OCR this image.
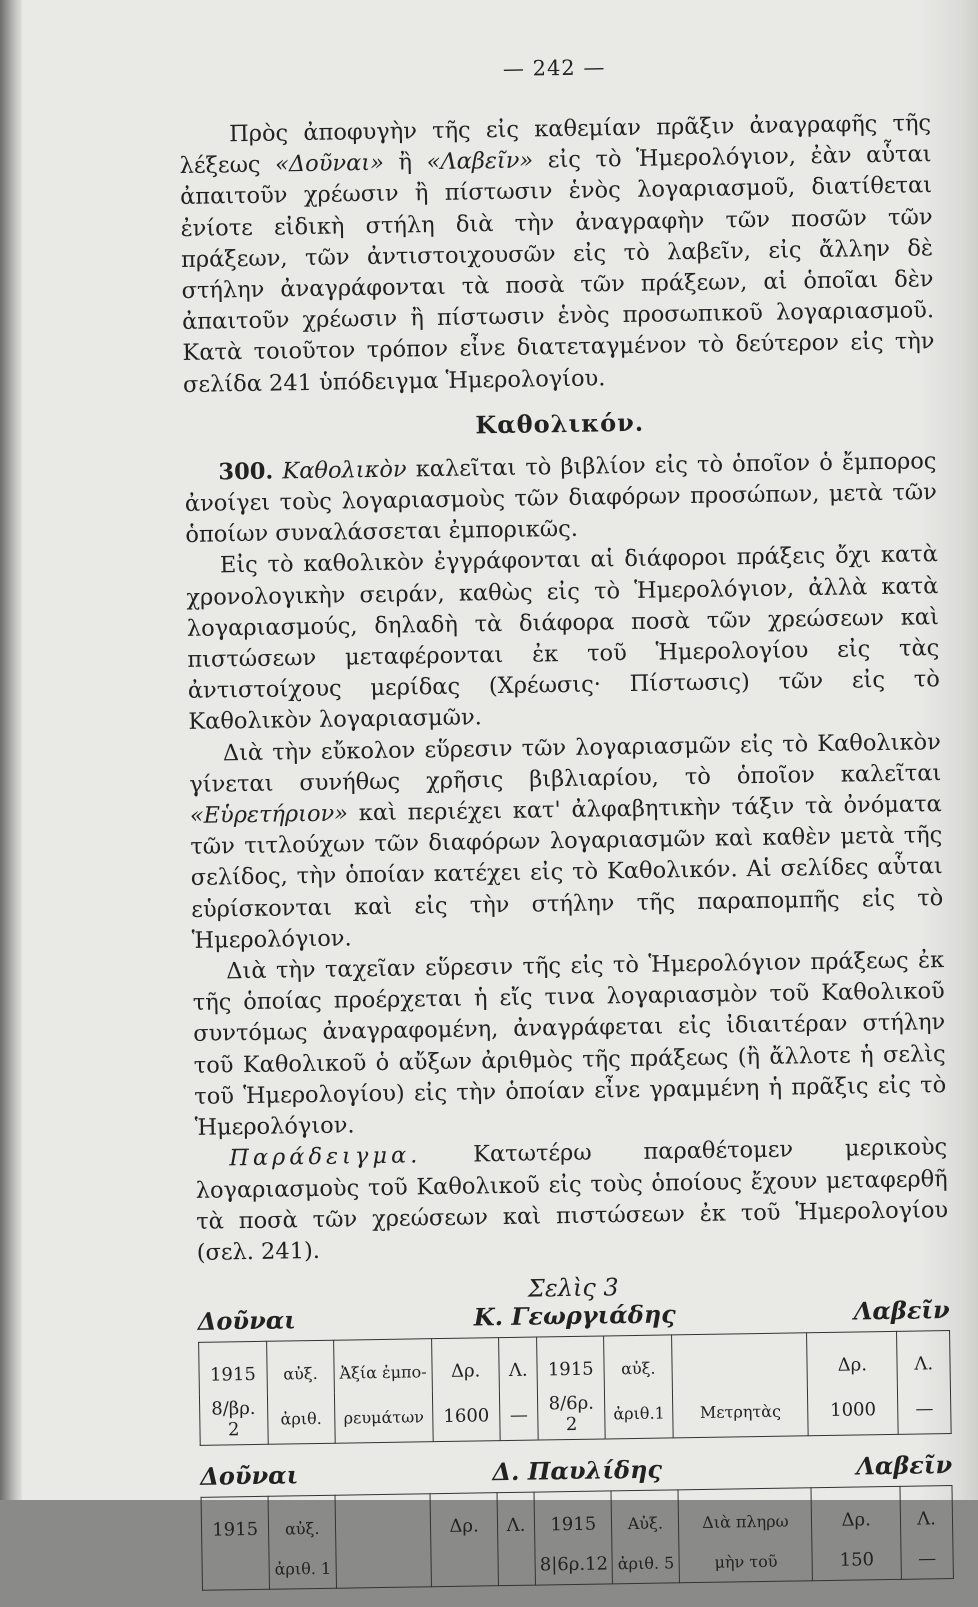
— 242 —

Πρὸς ἀποφυγὴν τῆς εἰς καθεμίαν πρᾶξιν ἀναγραφῆς τῆς λέξεως «Δοῦναι» ἢ «Λαβεῖν» εἰς τὸ Ἡμερολόγιον, ἐὰν αὗται ἀπαιτοῦν χρέωσιν ἢ πίστωσιν ἑνὸς λογαριασμοῦ, διατίθεται ἐνίοτε εἰδικὴ στήλη διὰ τὴν ἀναγραφὴν τῶν ποσῶν τῶν πράξεων, τῶν ἀντιστοιχουσῶν εἰς τὸ λαβεῖν, εἰς ἄλλην δὲ στήλην ἀναγράφονται τὰ ποσὰ τῶν πράξεων, αἱ ὁποῖαι δὲν ἀπαιτοῦν χρέωσιν ἢ πίστωσιν ἑνὸς προσωπικοῦ λογαριασμοῦ. Κατὰ τοιοῦτον τρόπον εἶνε διατεταγμένον τὸ δεύτερον εἰς τὴν σελίδα 241 ὑπόδειγμα Ἡμερολογίου.

Καθολικόν.

300. Καθολικὸν καλεῖται τὸ βιβλίον εἰς τὸ ὁποῖον ὁ ἔμπορος ἀνοίγει τοὺς λογαριασμοὺς τῶν διαφόρων προσώπων, μετὰ τῶν ὁποίων συναλάσσεται ἐμπορικῶς.

Εἰς τὸ καθολικὸν ἐγγράφονται αἱ διάφοροι πράξεις ὄχι κατὰ χρονολογικὴν σειράν, καθὼς εἰς τὸ Ἡμερολόγιον, ἀλλὰ κατὰ λογαριασμούς, δηλαδὴ τὰ διάφορα ποσὰ τῶν χρεώσεων καὶ πιστώσεων μεταφέρονται ἐκ τοῦ Ἡμερολογίου εἰς τὰς ἀντιστοίχους μερίδας (Χρέωσις· Πίστωσις) τῶν εἰς τὸ Καθολικὸν λογαριασμῶν.

Διὰ τὴν εὔκολον εὕρεσιν τῶν λογαριασμῶν εἰς τὸ Καθολικὸν γίνεται συνήθως χρῆσις βιβλιαρίου, τὸ ὁποῖον καλεῖται «Εὑρετήριον» καὶ περιέχει κατ' ἀλφαβητικὴν τάξιν τὰ ὀνόματα τῶν τιτλούχων τῶν διαφόρων λογαριασμῶν καὶ καθὲν μετὰ τῆς σελίδος, τὴν ὁποίαν κατέχει εἰς τὸ Καθολικόν. Αἱ σελίδες αὗται εὑρίσκονται καὶ εἰς τὴν στήλην τῆς παραπομπῆς εἰς τὸ Ἡμερολόγιον.

Διὰ τὴν ταχεῖαν εὕρεσιν τῆς εἰς τὸ Ἡμερολόγιον πράξεως ἐκ τῆς ὁποίας προέρχεται ἡ εἴς τινα λογαριασμὸν τοῦ Καθολικοῦ συντόμως ἀναγραφομένη, ἀναγράφεται εἰς ἰδιαιτέραν στήλην τοῦ Καθολικοῦ ὁ αὔξων ἀριθμὸς τῆς πράξεως (ἢ ἄλλοτε ἡ σελὶς τοῦ Ἡμερολογίου) εἰς τὴν ὁποίαν εἶνε γραμμένη ἡ πρᾶξις εἰς τὸ Ἡμερολόγιον.

Παράδειγμα. Κατωτέρω παραθέτομεν μερικοὺς λογαριασμοὺς τοῦ Καθολικοῦ εἰς τοὺς ὁποίους ἔχουν μεταφερθῆ τὰ ποσὰ τῶν χρεώσεων καὶ πιστώσεων ἐκ τοῦ Ἡμερολογίου (σελ. 241).

Σελὶς 3
Δοῦναι	Κ. Γεωργιάδης	Λαβεῖν
1915	αὐξ.	Ἀξία ἐμπο-	Δρ.	Λ.	1915	αὐξ.		Δρ.	Λ.
8/βρ. 2	ἀριθ.	ρευμάτων	1600	—	8/6ρ. 2	ἀριθ.1	Μετρητὰς	1000	—
Δοῦναι	Δ. Παυλίδης	Λαβεῖν
1915	αὐξ.		Δρ.	Λ.	1915	Αὐξ.	Διὰ πληρω	Δρ.	Λ.
	ἀριθ. 1				8|6ρ.12	ἀριθ. 5	μὴν τοῦ	150	—
